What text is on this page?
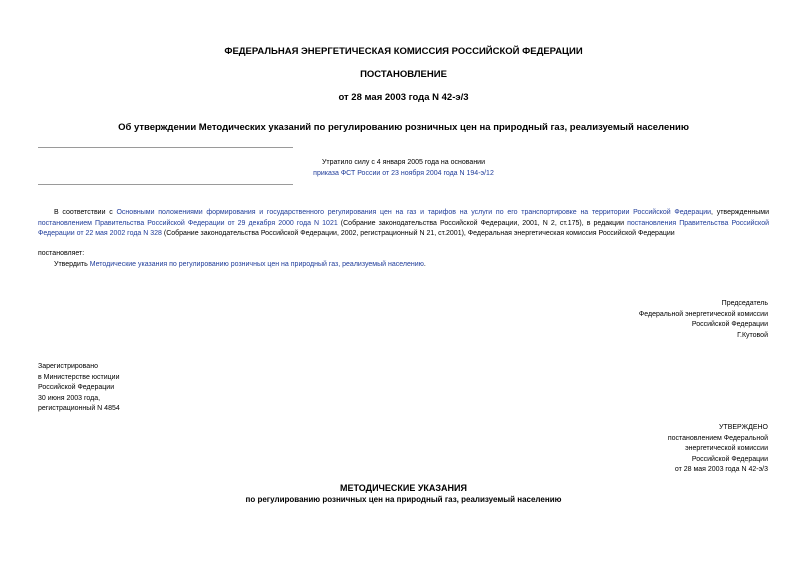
ФЕДЕРАЛЬНАЯ ЭНЕРГЕТИЧЕСКАЯ КОМИССИЯ РОССИЙСКОЙ ФЕДЕРАЦИИ
ПОСТАНОВЛЕНИЕ
от 28 мая 2003 года N 42-э/3
Об утверждении Методических указаний по регулированию розничных цен на природный газ, реализуемый населению
Утратило силу с 4 января 2005 года на основании
приказа ФСТ России от 23 ноября 2004 года N 194-э/12
В соответствии с Основными положениями формирования и государственного регулирования цен на газ и тарифов на услуги по его транспортировке на территории Российской Федерации, утвержденными постановлением Правительства Российской Федерации от 29 декабря 2000 года N 1021 (Собрание законодательства Российской Федерации, 2001, N 2, ст.175), в редакции постановления Правительства Российской Федерации от 22 мая 2002 года N 328 (Собрание законодательства Российской Федерации, 2002, регистрационный N 21, ст.2001), Федеральная энергетическая комиссия Российской Федерации
постановляет:
Утвердить Методические указания по регулированию розничных цен на природный газ, реализуемый населению.
Председатель
Федеральной энергетической комиссии
Российской Федерации
Г.Кутовой
Зарегистрировано
в Министерстве юстиции
Российской Федерации
30 июня 2003 года,
регистрационный N 4854
УТВЕРЖДЕНО
постановлением Федеральной
энергетической комиссии
Российской Федерации
от 28 мая 2003 года N 42-э/3
МЕТОДИЧЕСКИЕ УКАЗАНИЯ
по регулированию розничных цен на природный газ, реализуемый населению
